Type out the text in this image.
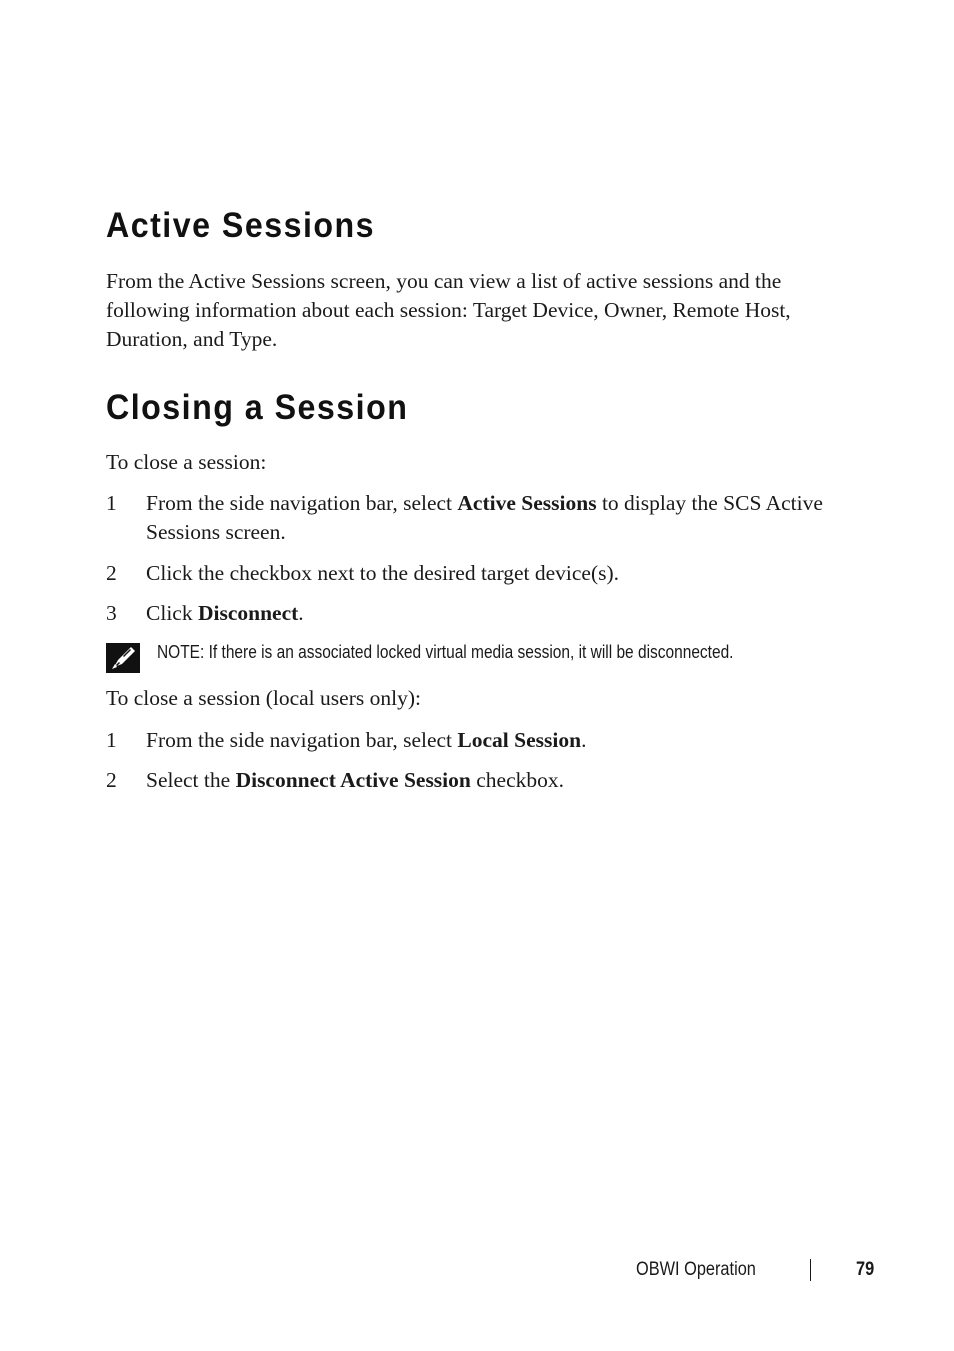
Active Sessions

From the Active Sessions screen, you can view a list of active sessions and the following information about each session: Target Device, Owner, Remote Host, Duration, and Type.

Closing a Session

To close a session:

1	From the side navigation bar, select Active Sessions to display the SCS Active Sessions screen.
2	Click the checkbox next to the desired target device(s).
3	Click Disconnect.
NOTE: If there is an associated locked virtual media session, it will be disconnected.

To close a session (local users only):

1	From the side navigation bar, select Local Session.
2	Select the Disconnect Active Session checkbox.
OBWI Operation	79
